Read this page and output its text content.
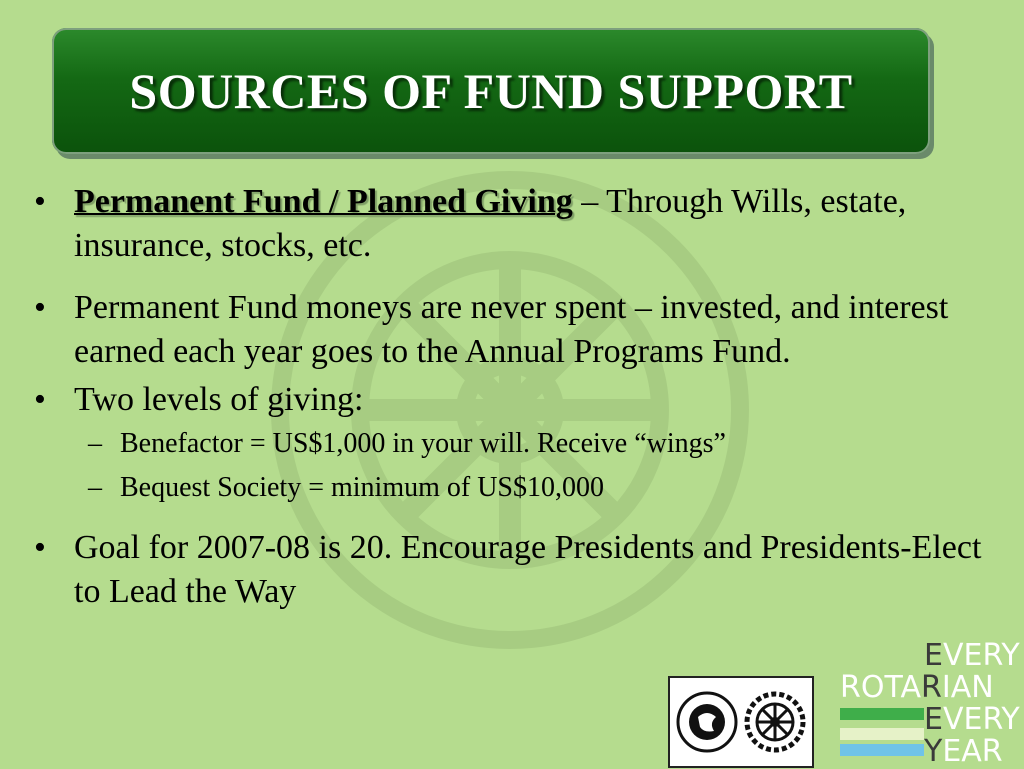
SOURCES OF FUND SUPPORT
• Permanent Fund / Planned Giving – Through Wills, estate, insurance, stocks, etc.
• Permanent Fund moneys are never spent – invested, and interest earned each year goes to the Annual Programs Fund.
• Two levels of giving:
– Benefactor = US$1,000 in your will. Receive “wings”
– Bequest Society = minimum of US$10,000
• Goal for 2007-08 is 20. Encourage Presidents and Presidents-Elect to Lead the Way
EVERY
ROTARIAN
EVERY
YEAR
